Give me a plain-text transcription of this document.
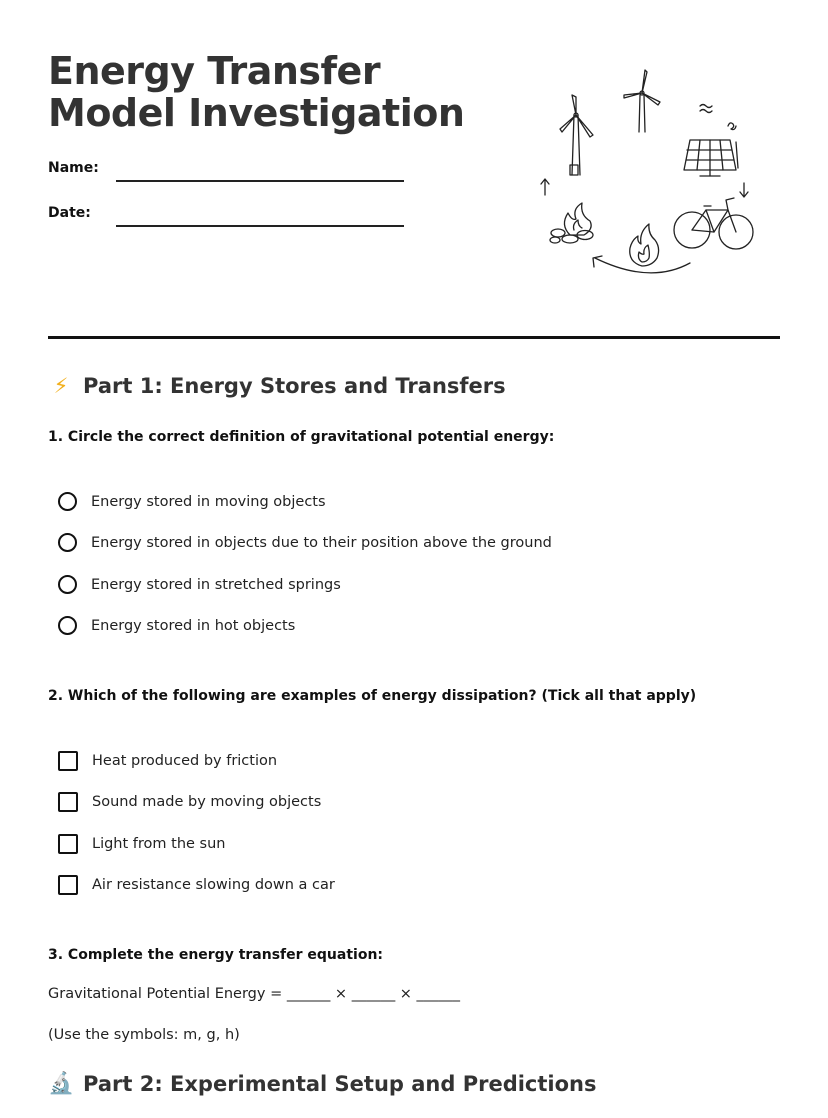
Energy Transfer Model Investigation
Name:
Date:
⚡ Part 1: Energy Stores and Transfers
1. Circle the correct definition of gravitational potential energy:
Energy stored in moving objects
Energy stored in objects due to their position above the ground
Energy stored in stretched springs
Energy stored in hot objects
2. Which of the following are examples of energy dissipation? (Tick all that apply)
Heat produced by friction
Sound made by moving objects
Light from the sun
Air resistance slowing down a car
3. Complete the energy transfer equation:
Gravitational Potential Energy = ______ × ______ × ______
(Use the symbols: m, g, h)
🔬 Part 2: Experimental Setup and Predictions
